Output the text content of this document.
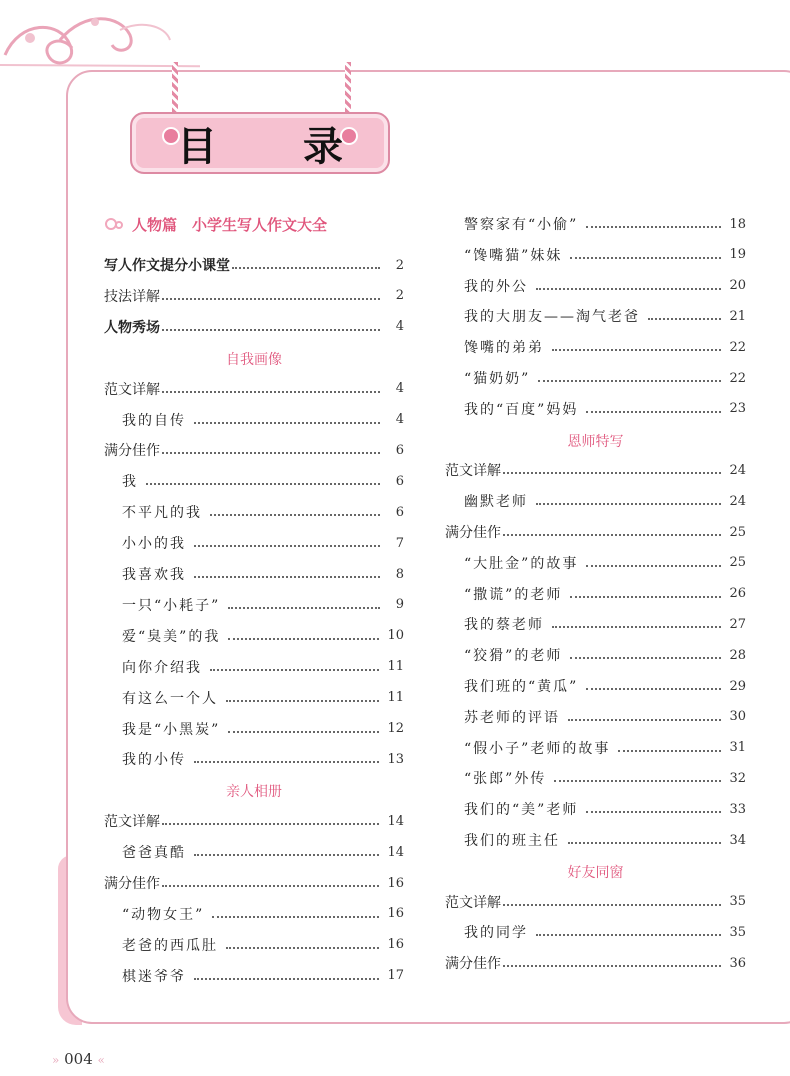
目 录
人物篇　小学生写人作文大全
写人作文提分小课堂	2
技法详解	2
人物秀场	4
自我画像
范文详解	4
我的自传	4
满分佳作	6
我	6
不平凡的我	6
小小的我	7
我喜欢我	8
一只“小耗子”	9
爱“臭美”的我	10
向你介绍我	11
有这么一个人	11
我是“小黑炭”	12
我的小传	13
亲人相册
范文详解	14
爸爸真酷	14
满分佳作	16
“动物女王”	16
老爸的西瓜肚	16
棋迷爷爷	17
警察家有“小偷”	18
“馋嘴猫”妹妹	19
我的外公	20
我的大朋友——淘气老爸	21
馋嘴的弟弟	22
“猫奶奶”	22
我的“百度”妈妈	23
恩师特写
范文详解	24
幽默老师	24
满分佳作	25
“大肚金”的故事	25
“撒谎”的老师	26
我的蔡老师	27
“狡猾”的老师	28
我们班的“黄瓜”	29
苏老师的评语	30
“假小子”老师的故事	31
“张郎”外传	32
我们的“美”老师	33
我们的班主任	34
好友同窗
范文详解	35
我的同学	35
满分佳作	36
» 004 «
